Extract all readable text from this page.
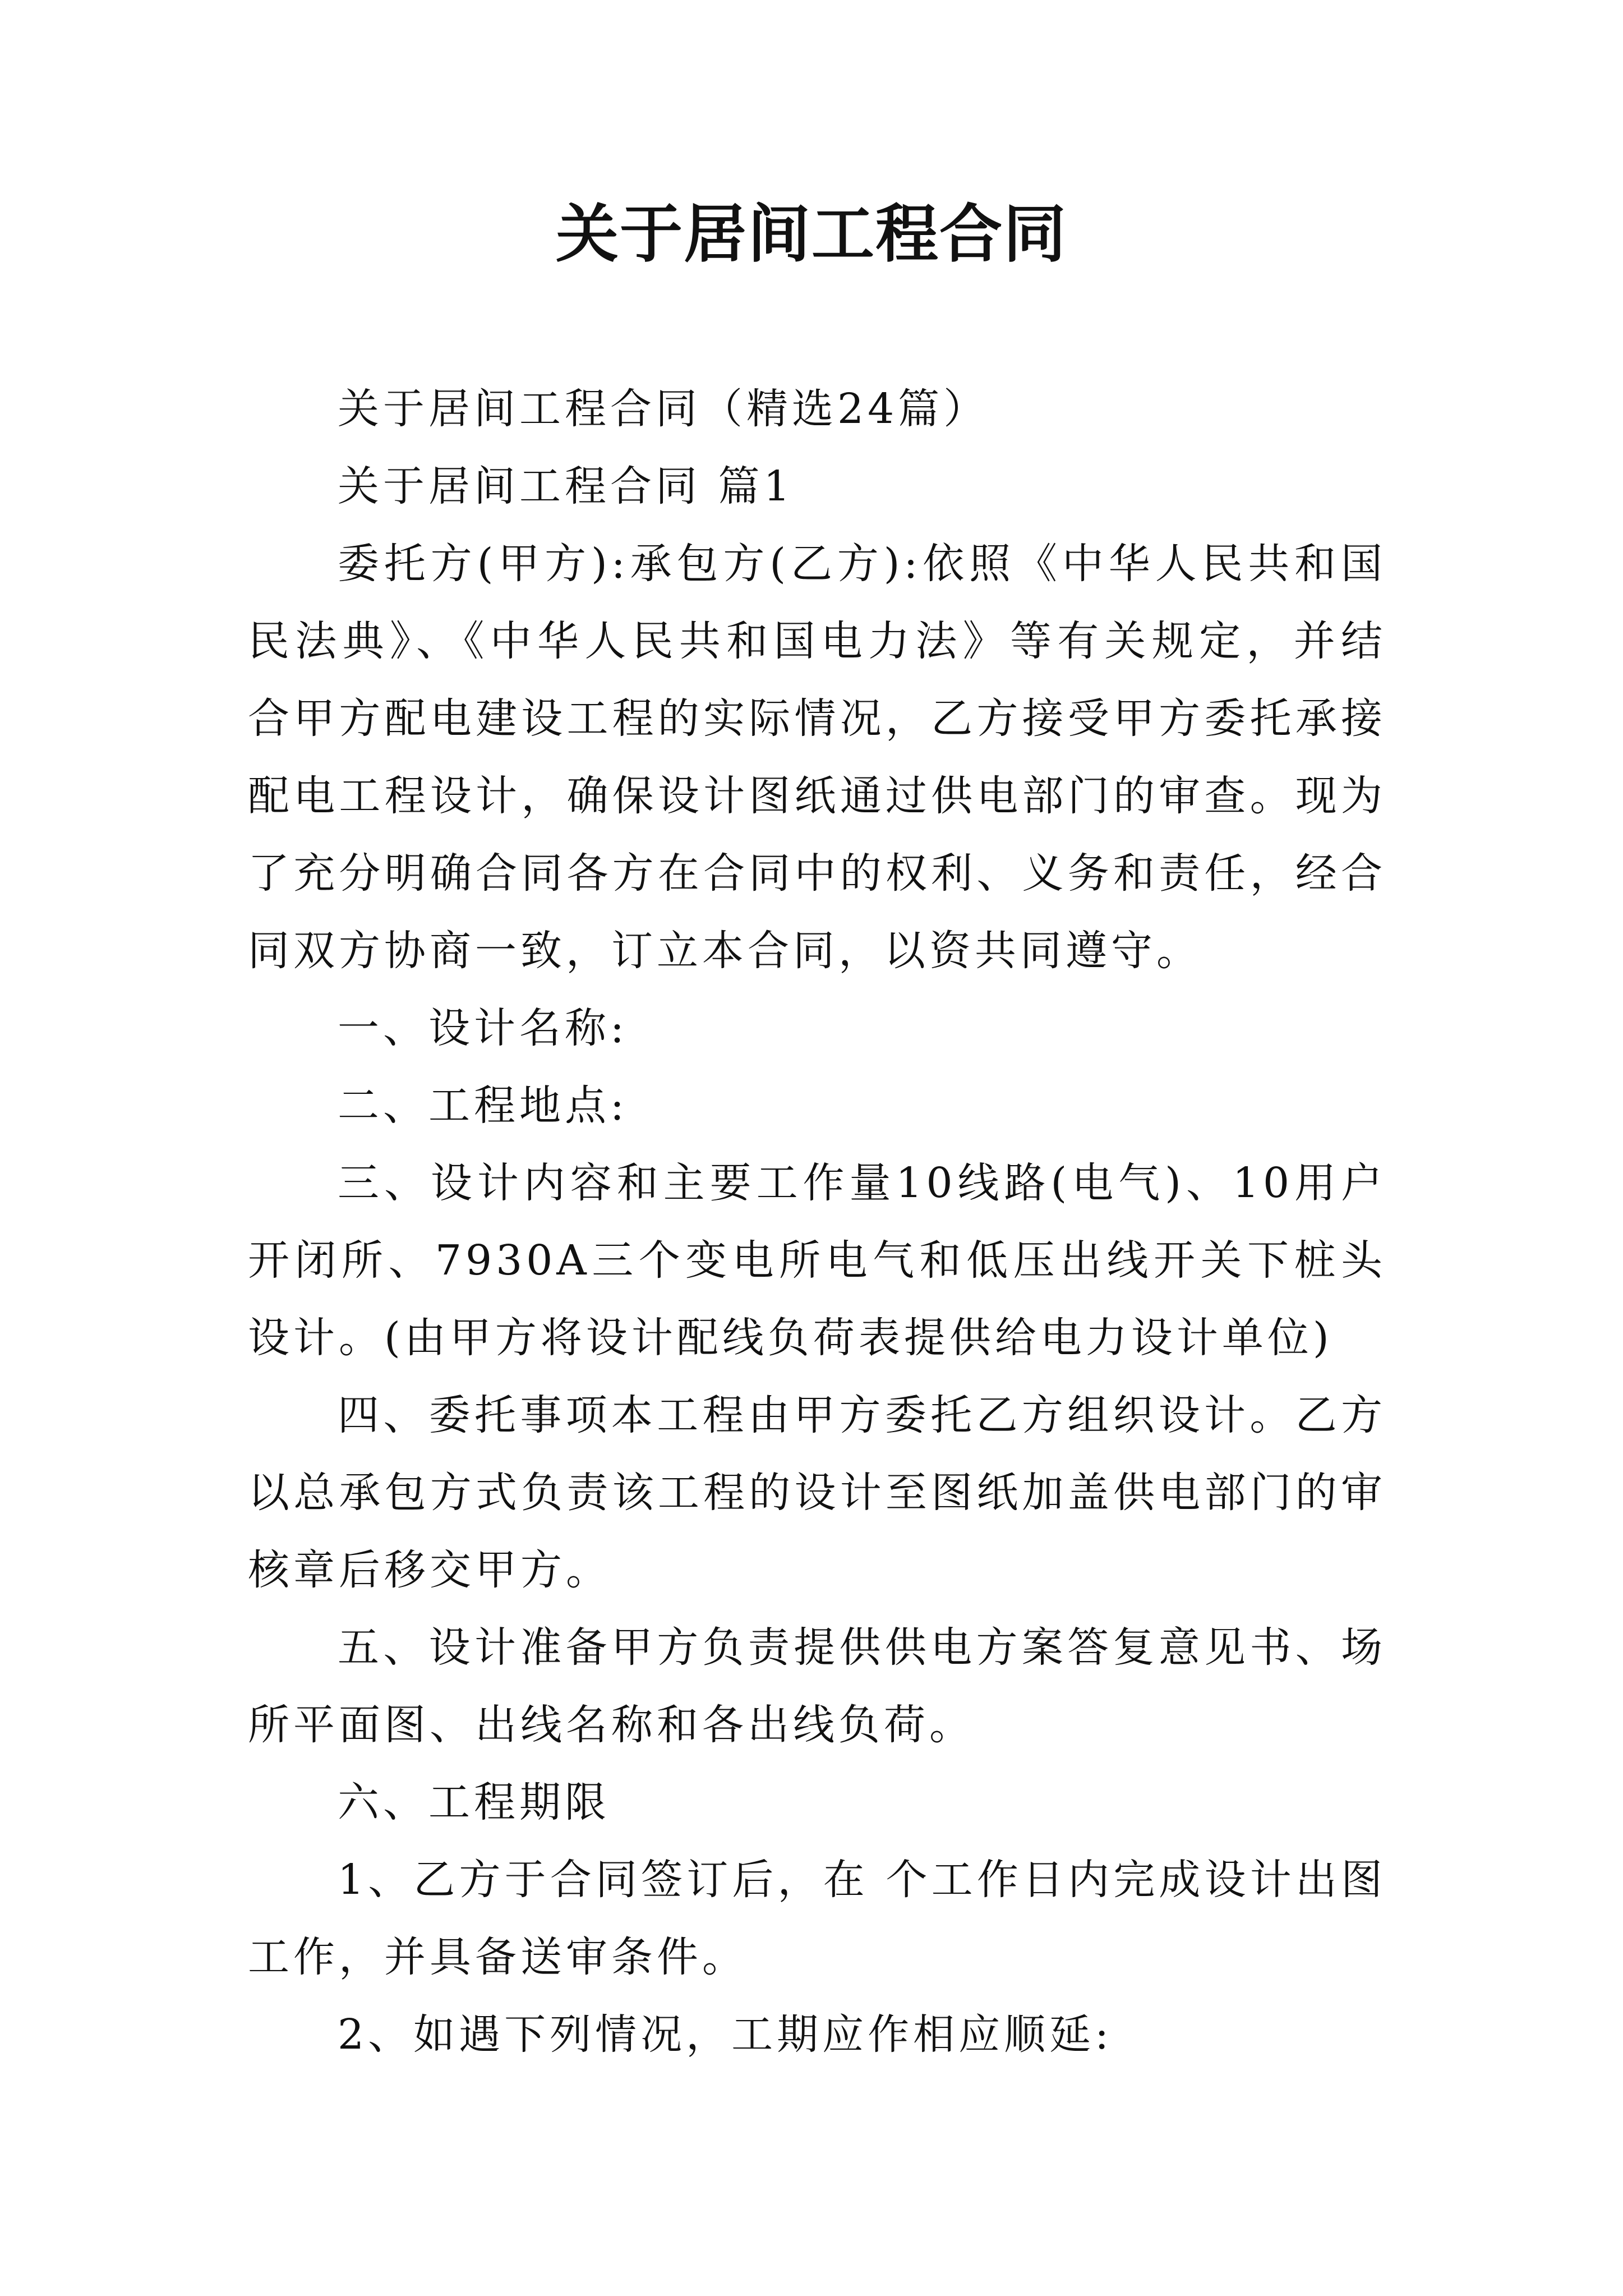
关于居间工程合同

关于居间工程合同（精选24篇）

关于居间工程合同 篇1

委托方(甲方):承包方(乙方):依照《中华人民共和国民法典》、《中华人民共和国电力法》等有关规定，并结合甲方配电建设工程的实际情况，乙方接受甲方委托承接配电工程设计，确保设计图纸通过供电部门的审查。现为了充分明确合同各方在合同中的权利、义务和责任，经合同双方协商一致，订立本合同，以资共同遵守。

一、设计名称:

二、工程地点:

三、设计内容和主要工作量10线路(电气)、10用户开闭所、7930A三个变电所电气和低压出线开关下桩头设计。(由甲方将设计配线负荷表提供给电力设计单位)

四、委托事项本工程由甲方委托乙方组织设计。乙方以总承包方式负责该工程的设计至图纸加盖供电部门的审核章后移交甲方。

五、设计准备甲方负责提供供电方案答复意见书、场所平面图、出线名称和各出线负荷。

六、工程期限

1、乙方于合同签订后，在 个工作日内完成设计出图工作，并具备送审条件。

2、如遇下列情况，工期应作相应顺延:
